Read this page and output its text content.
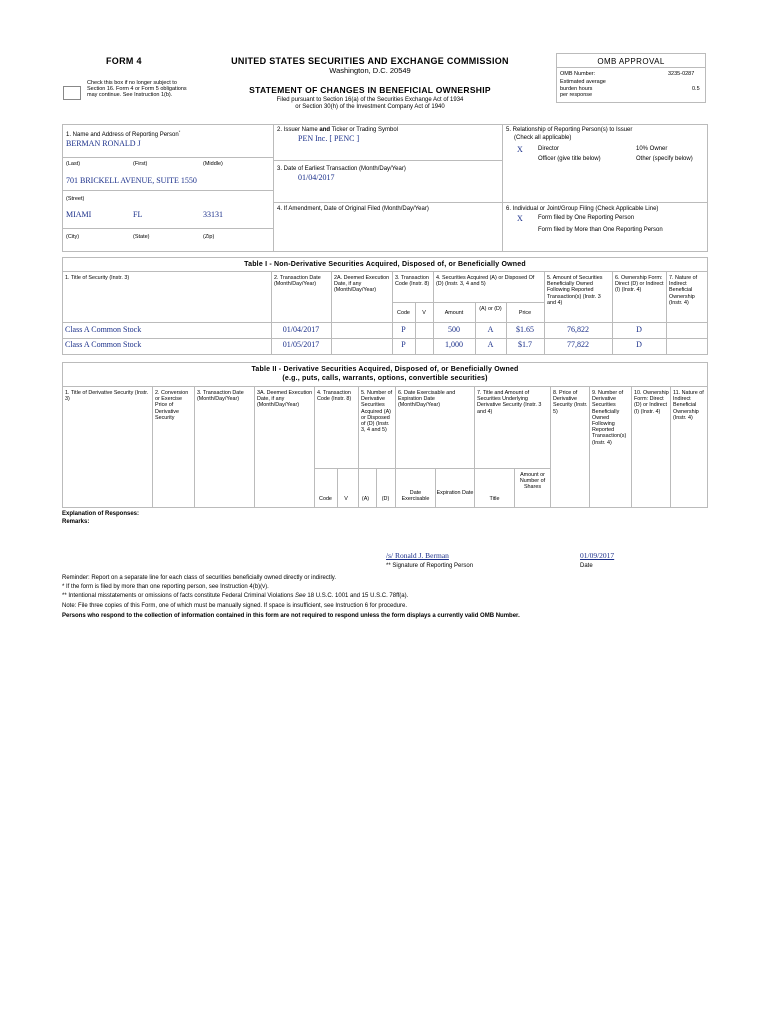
FORM 4	UNITED STATES SECURITIES AND EXCHANGE COMMISSION
Washington, D.C. 20549
Check this box if no longer subject to Section 16. Form 4 or Form 5 obligations may continue. See Instruction 1(b).	STATEMENT OF CHANGES IN BENEFICIAL OWNERSHIP
Filed pursuant to Section 16(a) of the Securities Exchange Act of 1934
or Section 30(h) of the Investment Company Act of 1940
OMB APPROVAL
OMB Number:	3235-0287
Estimated average
burden hours
per response
0.5
1. Name and Address of Reporting Person*
BERMAN RONALD J
(Last)	(First)	(Middle)
701 BRICKELL AVENUE, SUITE 1550
(Street)
MIAMI	FL	33131
(City)	(State)	(Zip)
2. Issuer Name and Ticker or Trading Symbol
PEN Inc. [ PENC ]
3. Date of Earliest Transaction (Month/Day/Year)
01/04/2017
4. If Amendment, Date of Original Filed (Month/Day/Year)
5. Relationship of Reporting Person(s) to Issuer
(Check all applicable)
X	Director	10% Owner
Officer (give title below)	Other (specify below)
6. Individual or Joint/Group Filing (Check Applicable Line)
X	Form filed by One Reporting Person
Form filed by More than One Reporting Person
Table I - Non-Derivative Securities Acquired, Disposed of, or Beneficially Owned
1. Title of Security (Instr. 3)	2. Transaction Date (Month/Day/Year)
2A. Deemed Execution Date, if any (Month/Day/Year)
3. Transaction Code (Instr. 8)
4. Securities Acquired (A) or Disposed Of (D) (Instr. 3, 4 and 5)
5. Amount of Securities Beneficially Owned Following Reported Transaction(s) (Instr. 3 and 4)
6. Ownership Form: Direct (D) or Indirect (I) (Instr. 4)
7. Nature of Indirect Beneficial Ownership (Instr. 4)
Code	V	Amount
(A) or (D)
Price
Class A Common Stock	01/04/2017	P	500	A	$1.65	76,822	D
Class A Common Stock	01/05/2017	P	1,000	A	$1.7	77,822	D
Table II - Derivative Securities Acquired, Disposed of, or Beneficially Owned
(e.g., puts, calls, warrants, options, convertible securities)
1. Title of Derivative Security (Instr. 3)
2. Conversion or Exercise Price of Derivative Security
3. Transaction Date (Month/Day/Year)
3A. Deemed Execution Date, if any (Month/Day/Year)
4. Transaction Code (Instr. 8)
5. Number of Derivative Securities Acquired (A) or Disposed of (D) (Instr. 3, 4 and 5)
6. Date Exercisable and Expiration Date (Month/Day/Year)
7. Title and Amount of Securities Underlying Derivative Security (Instr. 3 and 4)
8. Price of Derivative Security (Instr. 5)
9. Number of Derivative Securities Beneficially Owned Following Reported Transaction(s) (Instr. 4)
10. Ownership Form: Direct (D) or Indirect (I) (Instr. 4)
11. Nature of Indirect Beneficial Ownership (Instr. 4)
Code	V	(A)	(D)
Date Exercisable
Expiration Date
Title
Amount or Number of Shares
Explanation of Responses:
Remarks:
/s/ Ronald J. Berman	01/09/2017
** Signature of Reporting Person	Date
Reminder: Report on a separate line for each class of securities beneficially owned directly or indirectly.
* If the form is filed by more than one reporting person, see Instruction 4(b)(v).
** Intentional misstatements or omissions of facts constitute Federal Criminal Violations See 18 U.S.C. 1001 and 15 U.S.C. 78ff(a).
Note: File three copies of this Form, one of which must be manually signed. If space is insufficient, see Instruction 6 for procedure.
Persons who respond to the collection of information contained in this form are not required to respond unless the form displays a currently valid OMB Number.
